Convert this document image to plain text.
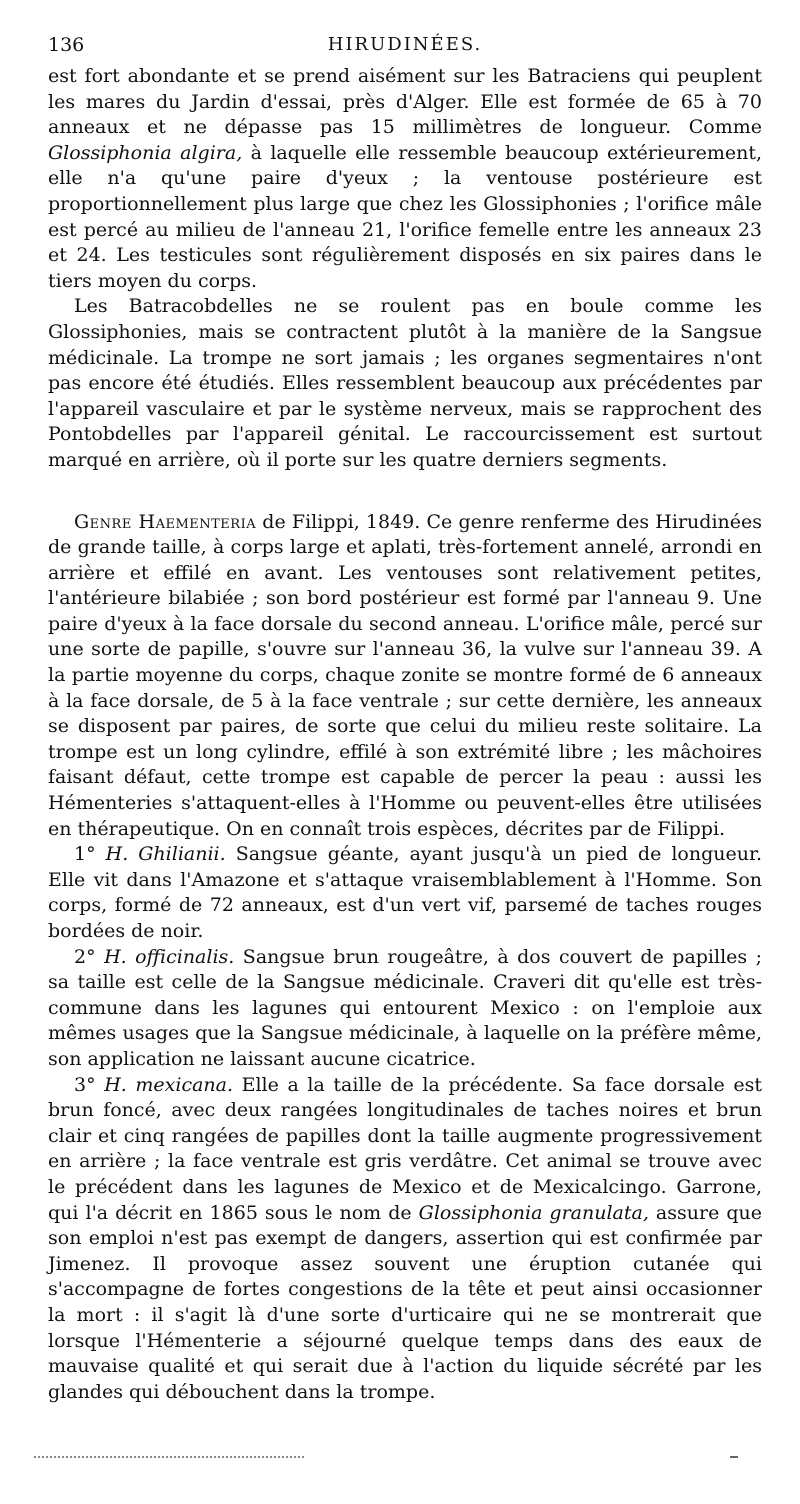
136	HIRUDINÉES.

est fort abondante et se prend aisément sur les Batraciens qui peuplent les mares du Jardin d'essai, près d'Alger. Elle est formée de 65 à 70 anneaux et ne dépasse pas 15 millimètres de longueur. Comme Glossiphonia algira, à laquelle elle ressemble beaucoup extérieurement, elle n'a qu'une paire d'yeux ; la ventouse postérieure est proportionnellement plus large que chez les Glossiphonies ; l'orifice mâle est percé au milieu de l'anneau 21, l'orifice femelle entre les anneaux 23 et 24. Les testicules sont régulièrement disposés en six paires dans le tiers moyen du corps.

Les Batracobdelles ne se roulent pas en boule comme les Glossiphonies, mais se contractent plutôt à la manière de la Sangsue médicinale. La trompe ne sort jamais ; les organes segmentaires n'ont pas encore été étudiés. Elles ressemblent beaucoup aux précédentes par l'appareil vasculaire et par le système nerveux, mais se rapprochent des Pontobdelles par l'appareil génital. Le raccourcissement est surtout marqué en arrière, où il porte sur les quatre derniers segments.

Genre Haementeria de Filippi, 1849. Ce genre renferme des Hirudinées de grande taille, à corps large et aplati, très-fortement annelé, arrondi en arrière et effilé en avant. Les ventouses sont relativement petites, l'antérieure bilabiée ; son bord postérieur est formé par l'anneau 9. Une paire d'yeux à la face dorsale du second anneau. L'orifice mâle, percé sur une sorte de papille, s'ouvre sur l'anneau 36, la vulve sur l'anneau 39. A la partie moyenne du corps, chaque zonite se montre formé de 6 anneaux à la face dorsale, de 5 à la face ventrale ; sur cette dernière, les anneaux se disposent par paires, de sorte que celui du milieu reste solitaire. La trompe est un long cylindre, effilé à son extrémité libre ; les mâchoires faisant défaut, cette trompe est capable de percer la peau : aussi les Hémenteries s'attaquent-elles à l'Homme ou peuvent-elles être utilisées en thérapeutique. On en connaît trois espèces, décrites par de Filippi.

1° H. Ghilianii. Sangsue géante, ayant jusqu'à un pied de longueur. Elle vit dans l'Amazone et s'attaque vraisemblablement à l'Homme. Son corps, formé de 72 anneaux, est d'un vert vif, parsemé de taches rouges bordées de noir.

2° H. officinalis. Sangsue brun rougeâtre, à dos couvert de papilles ; sa taille est celle de la Sangsue médicinale. Craveri dit qu'elle est très-commune dans les lagunes qui entourent Mexico : on l'emploie aux mêmes usages que la Sangsue médicinale, à laquelle on la préfère même, son application ne laissant aucune cicatrice.

3° H. mexicana. Elle a la taille de la précédente. Sa face dorsale est brun foncé, avec deux rangées longitudinales de taches noires et brun clair et cinq rangées de papilles dont la taille augmente progressivement en arrière ; la face ventrale est gris verdâtre. Cet animal se trouve avec le précédent dans les lagunes de Mexico et de Mexicalcingo. Garrone, qui l'a décrit en 1865 sous le nom de Glossiphonia granulata, assure que son emploi n'est pas exempt de dangers, assertion qui est confirmée par Jimenez. Il provoque assez souvent une éruption cutanée qui s'accompagne de fortes congestions de la tête et peut ainsi occasionner la mort : il s'agit là d'une sorte d'urticaire qui ne se montrerait que lorsque l'Hémenterie a séjourné quelque temps dans des eaux de mauvaise qualité et qui serait due à l'action du liquide sécrété par les glandes qui débouchent dans la trompe.
